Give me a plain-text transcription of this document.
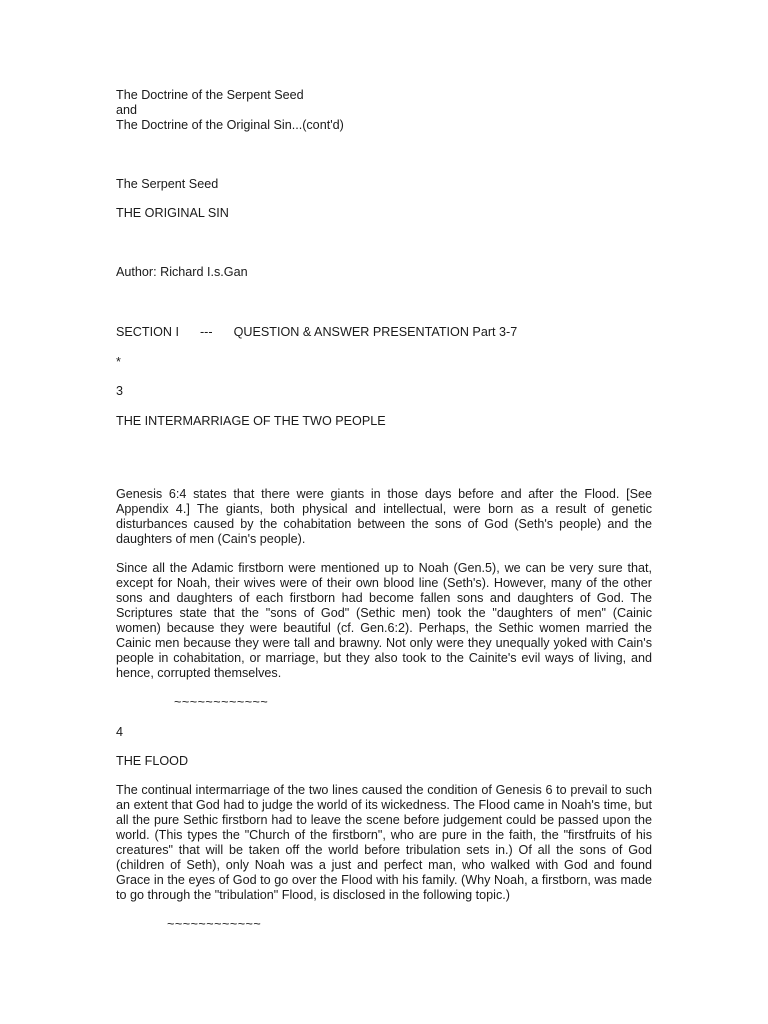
The Doctrine of the Serpent Seed
and
The Doctrine of the Original Sin...(cont'd)
The Serpent Seed
THE ORIGINAL SIN
Author: Richard I.s.Gan
SECTION I --- QUESTION & ANSWER PRESENTATION Part 3-7
*
3
THE INTERMARRIAGE OF THE TWO PEOPLE
Genesis 6:4 states that there were giants in those days before and after the Flood. [See Appendix 4.] The giants, both physical and intellectual, were born as a result of genetic disturbances caused by the cohabitation between the sons of God (Seth's people) and the daughters of men (Cain's people).
Since all the Adamic firstborn were mentioned up to Noah (Gen.5), we can be very sure that, except for Noah, their wives were of their own blood line (Seth's). However, many of the other sons and daughters of each firstborn had become fallen sons and daughters of God. The Scriptures state that the "sons of God" (Sethic men) took the "daughters of men" (Cainic women) because they were beautiful (cf. Gen.6:2). Perhaps, the Sethic women married the Cainic men because they were tall and brawny. Not only were they unequally yoked with Cain's people in cohabitation, or marriage, but they also took to the Cainite's evil ways of living, and hence, corrupted themselves.
~~~~~~~~~~~~
4
THE FLOOD
The continual intermarriage of the two lines caused the condition of Genesis 6 to prevail to such an extent that God had to judge the world of its wickedness. The Flood came in Noah's time, but all the pure Sethic firstborn had to leave the scene before judgement could be passed upon the world. (This types the "Church of the firstborn", who are pure in the faith, the "firstfruits of his creatures" that will be taken off the world before tribulation sets in.) Of all the sons of God (children of Seth), only Noah was a just and perfect man, who walked with God and found Grace in the eyes of God to go over the Flood with his family. (Why Noah, a firstborn, was made to go through the "tribulation" Flood, is disclosed in the following topic.)
~~~~~~~~~~~~
